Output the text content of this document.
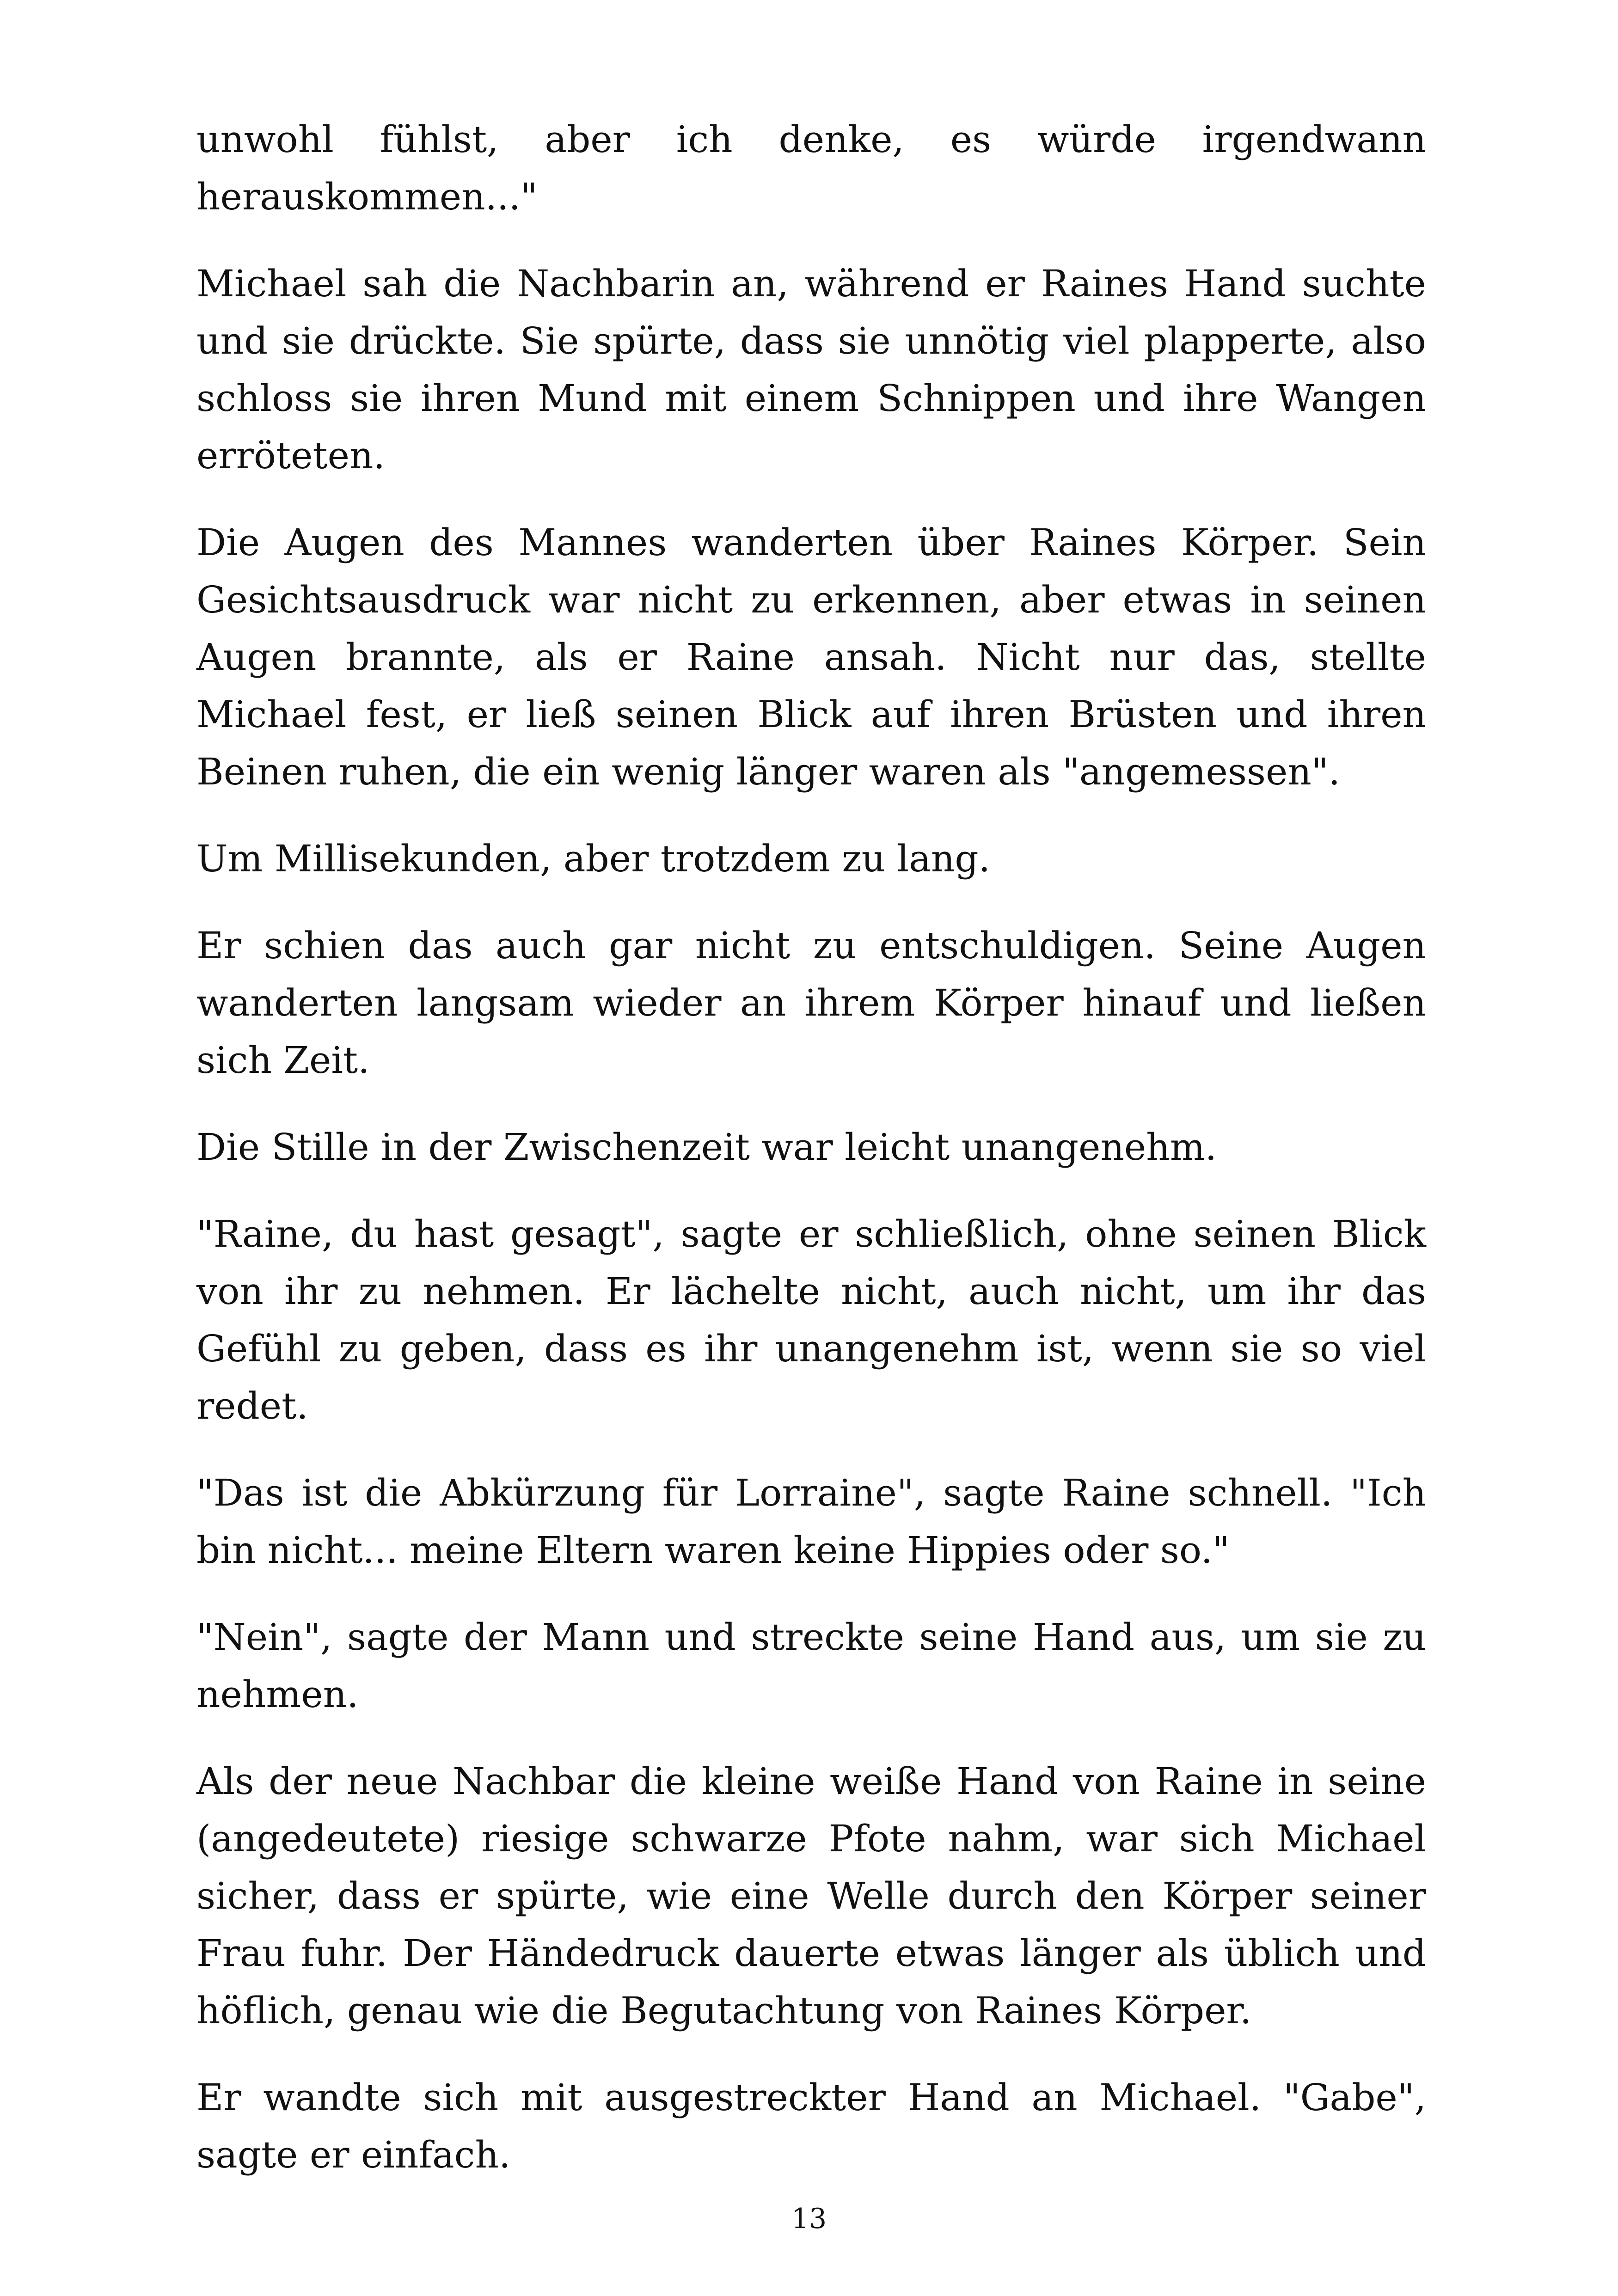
unwohl fühlst, aber ich denke, es würde irgendwann herauskommen..."

Michael sah die Nachbarin an, während er Raines Hand suchte und sie drückte. Sie spürte, dass sie unnötig viel plapperte, also schloss sie ihren Mund mit einem Schnippen und ihre Wangen erröteten.

Die Augen des Mannes wanderten über Raines Körper. Sein Gesichtsausdruck war nicht zu erkennen, aber etwas in seinen Augen brannte, als er Raine ansah. Nicht nur das, stellte Michael fest, er ließ seinen Blick auf ihren Brüsten und ihren Beinen ruhen, die ein wenig länger waren als "angemessen".

Um Millisekunden, aber trotzdem zu lang.

Er schien das auch gar nicht zu entschuldigen. Seine Augen wanderten langsam wieder an ihrem Körper hinauf und ließen sich Zeit.

Die Stille in der Zwischenzeit war leicht unangenehm.

"Raine, du hast gesagt", sagte er schließlich, ohne seinen Blick von ihr zu nehmen. Er lächelte nicht, auch nicht, um ihr das Gefühl zu geben, dass es ihr unangenehm ist, wenn sie so viel redet.

"Das ist die Abkürzung für Lorraine", sagte Raine schnell. "Ich bin nicht... meine Eltern waren keine Hippies oder so."

"Nein", sagte der Mann und streckte seine Hand aus, um sie zu nehmen.

Als der neue Nachbar die kleine weiße Hand von Raine in seine (angedeutete) riesige schwarze Pfote nahm, war sich Michael sicher, dass er spürte, wie eine Welle durch den Körper seiner Frau fuhr. Der Händedruck dauerte etwas länger als üblich und höflich, genau wie die Begutachtung von Raines Körper.

Er wandte sich mit ausgestreckter Hand an Michael. "Gabe", sagte er einfach.

13
